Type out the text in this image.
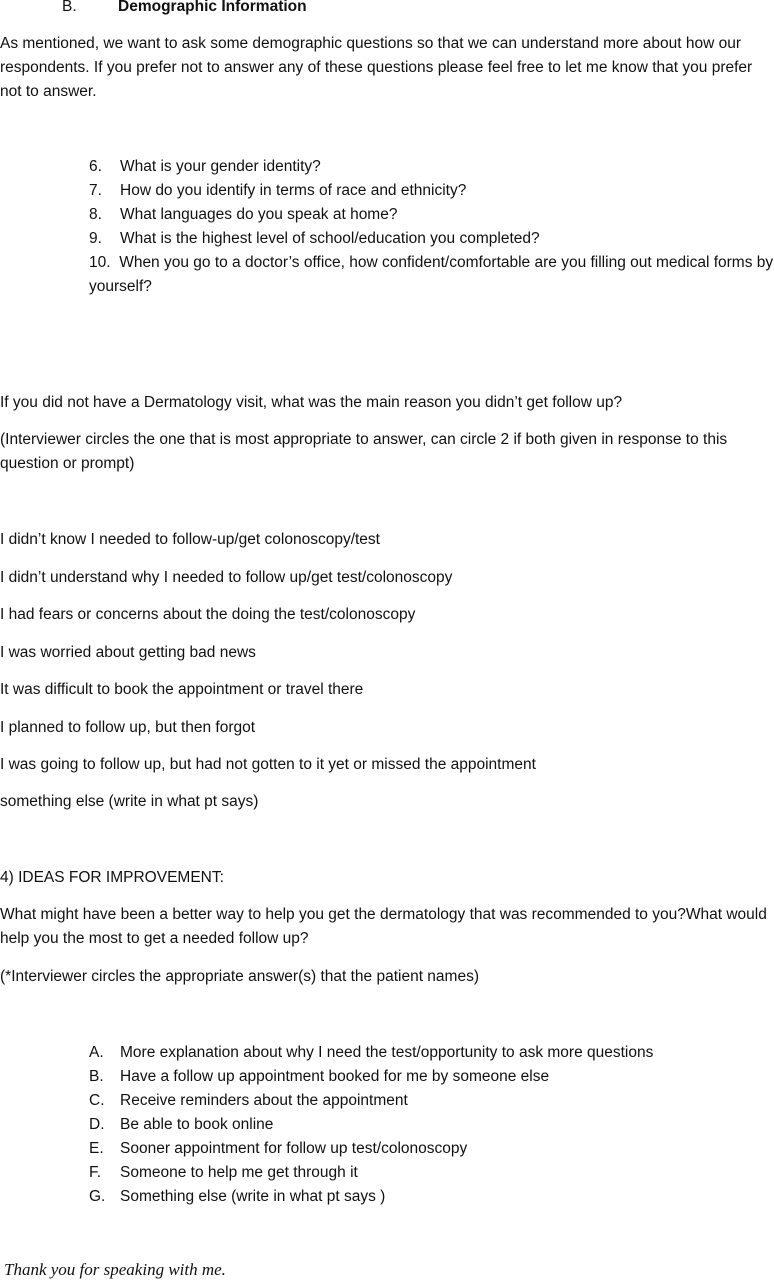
B.	Demographic Information
As mentioned, we want to ask some demographic questions so that we can understand more about how our respondents. If you prefer not to answer any of these questions please feel free to let me know that you prefer not to answer.
6.	What is your gender identity?
7.	How do you identify in terms of race and ethnicity?
8.	What languages do you speak at home?
9.	What is the highest level of school/education you completed?
10. When you go to a doctor’s office, how confident/comfortable are you filling out medical forms by yourself?
If you did not have a Dermatology visit, what was the main reason you didn’t get follow up?
(Interviewer circles the one that is most appropriate to answer, can circle 2 if both given in response to this question or prompt)
I didn’t know I needed to follow-up/get colonoscopy/test
I didn’t understand why I needed to follow up/get test/colonoscopy
I had fears or concerns about the doing the test/colonoscopy
I was worried about getting bad news
It was difficult to book the appointment or travel there
I planned to follow up, but then forgot
I was going to follow up, but had not gotten to it yet or missed the appointment
something else (write in what pt says)
4) IDEAS FOR IMPROVEMENT:
What might have been a better way to help you get the dermatology that was recommended to you?What would help you the most to get a needed follow up?
(*Interviewer circles the appropriate answer(s) that the patient names)
A.	More explanation about why I need the test/opportunity to ask more questions
B.	Have a follow up appointment booked for me by someone else
C.	Receive reminders about the appointment
D.	Be able to book online
E.	Sooner appointment for follow up test/colonoscopy
F.	Someone to help me get through it
G. Something else (write in what pt says )
Thank you for speaking with me.
